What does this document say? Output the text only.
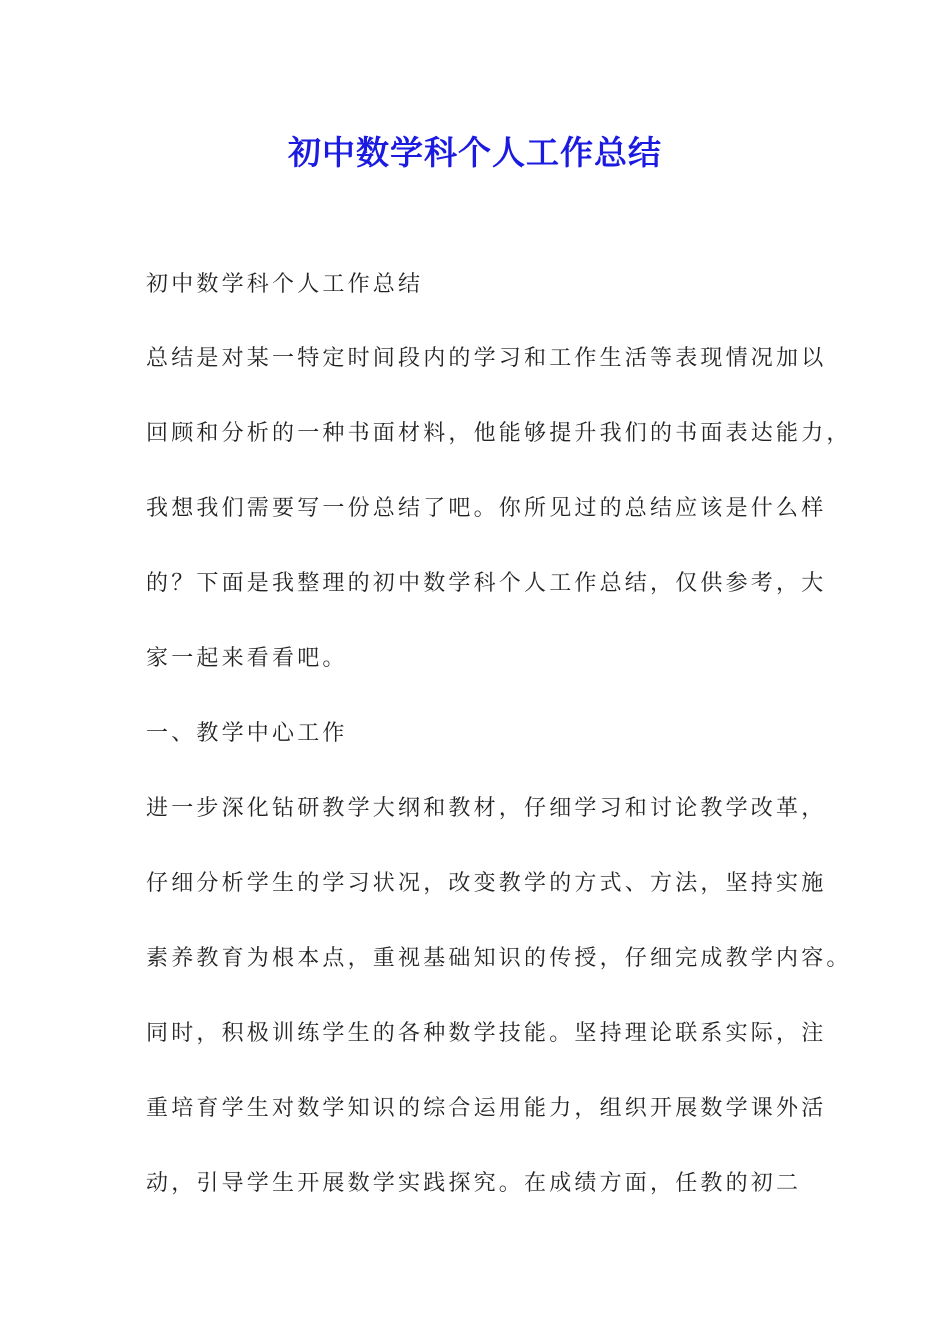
初中数学科个人工作总结
初中数学科个人工作总结
总结是对某一特定时间段内的学习和工作生活等表现情况加以
回顾和分析的一种书面材料，他能够提升我们的书面表达能力，
我想我们需要写一份总结了吧。你所见过的总结应该是什么样
的？下面是我整理的初中数学科个人工作总结，仅供参考，大
家一起来看看吧。
一、教学中心工作
进一步深化钻研教学大纲和教材，仔细学习和讨论教学改革，
仔细分析学生的学习状况，改变教学的方式、方法，坚持实施
素养教育为根本点，重视基础知识的传授，仔细完成教学内容。
同时，积极训练学生的各种数学技能。坚持理论联系实际，注
重培育学生对数学知识的综合运用能力，组织开展数学课外活
动，引导学生开展数学实践探究。在成绩方面，任教的初二
